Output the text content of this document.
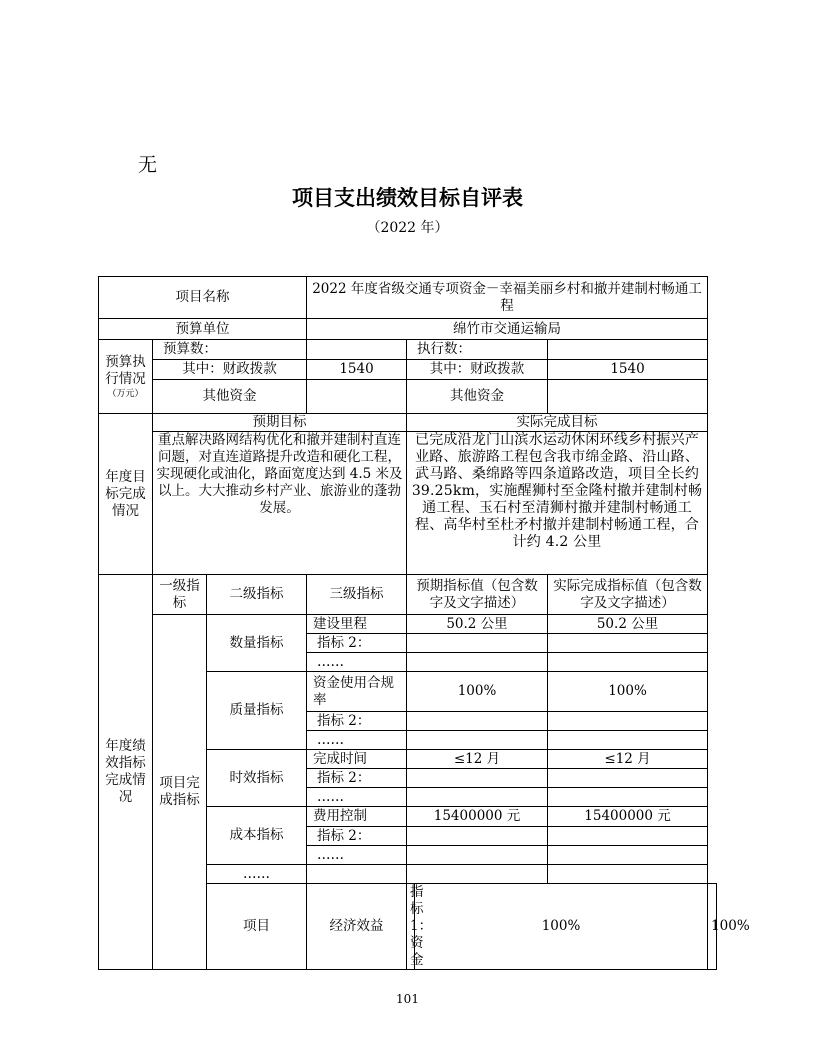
无
项目支出绩效目标自评表
（2022 年）
项目名称			2022 年度省级交通专项资金－幸福美丽乡村和撤并建制村畅通工程				
预算单位			绵竹市交通运输局				

预算执行情况
（万元）	预算数：			执行数：			
	其中：财政拨款		1540	其中：财政拨款		1540	
	其他资金			其他资金			
年度目标完成情况	预期目标			实际完成目标			
	重点解决路网结构优化和撤并建制村直连问题，对直连道路提升改造和硬化工程，实现硬化或油化，路面宽度达到 4.5 米及以上。大大推动乡村产业、旅游业的蓬勃发展。			已完成沿龙门山滨水运动休闲环线乡村振兴产业路、旅游路工程包含我市绵金路、沿山路、武马路、桑绵路等四条道路改造，项目全长约 39.25km，实施醒狮村至金隆村撤并建制村畅通工程、玉石村至清狮村撤并建制村畅通工程、高华村至杜矛村撤并建制村畅通工程，合计约 4.2 公里			
年度绩效指标完成情况	一级指标	二级指标	三级指标	预期指标值（包含数字及文字描述）		实际完成指标值（包含数字及文字描述）	
	项目完成指标	数量指标	建设里程	50.2 公里		50.2 公里	
			指标 2：				
			……				
		质量指标	资金使用合规率	100%		100%	
			指标 2：				
			……				
		时效指标	完成时间	≤12 月		≤12 月	
			指标 2：				
			……				
		成本指标	费用控制	15400000 元		15400000 元	
			指标 2：				
			……				
		……					
		项目	经济效益	指标 1：资金	100%		100%
101
